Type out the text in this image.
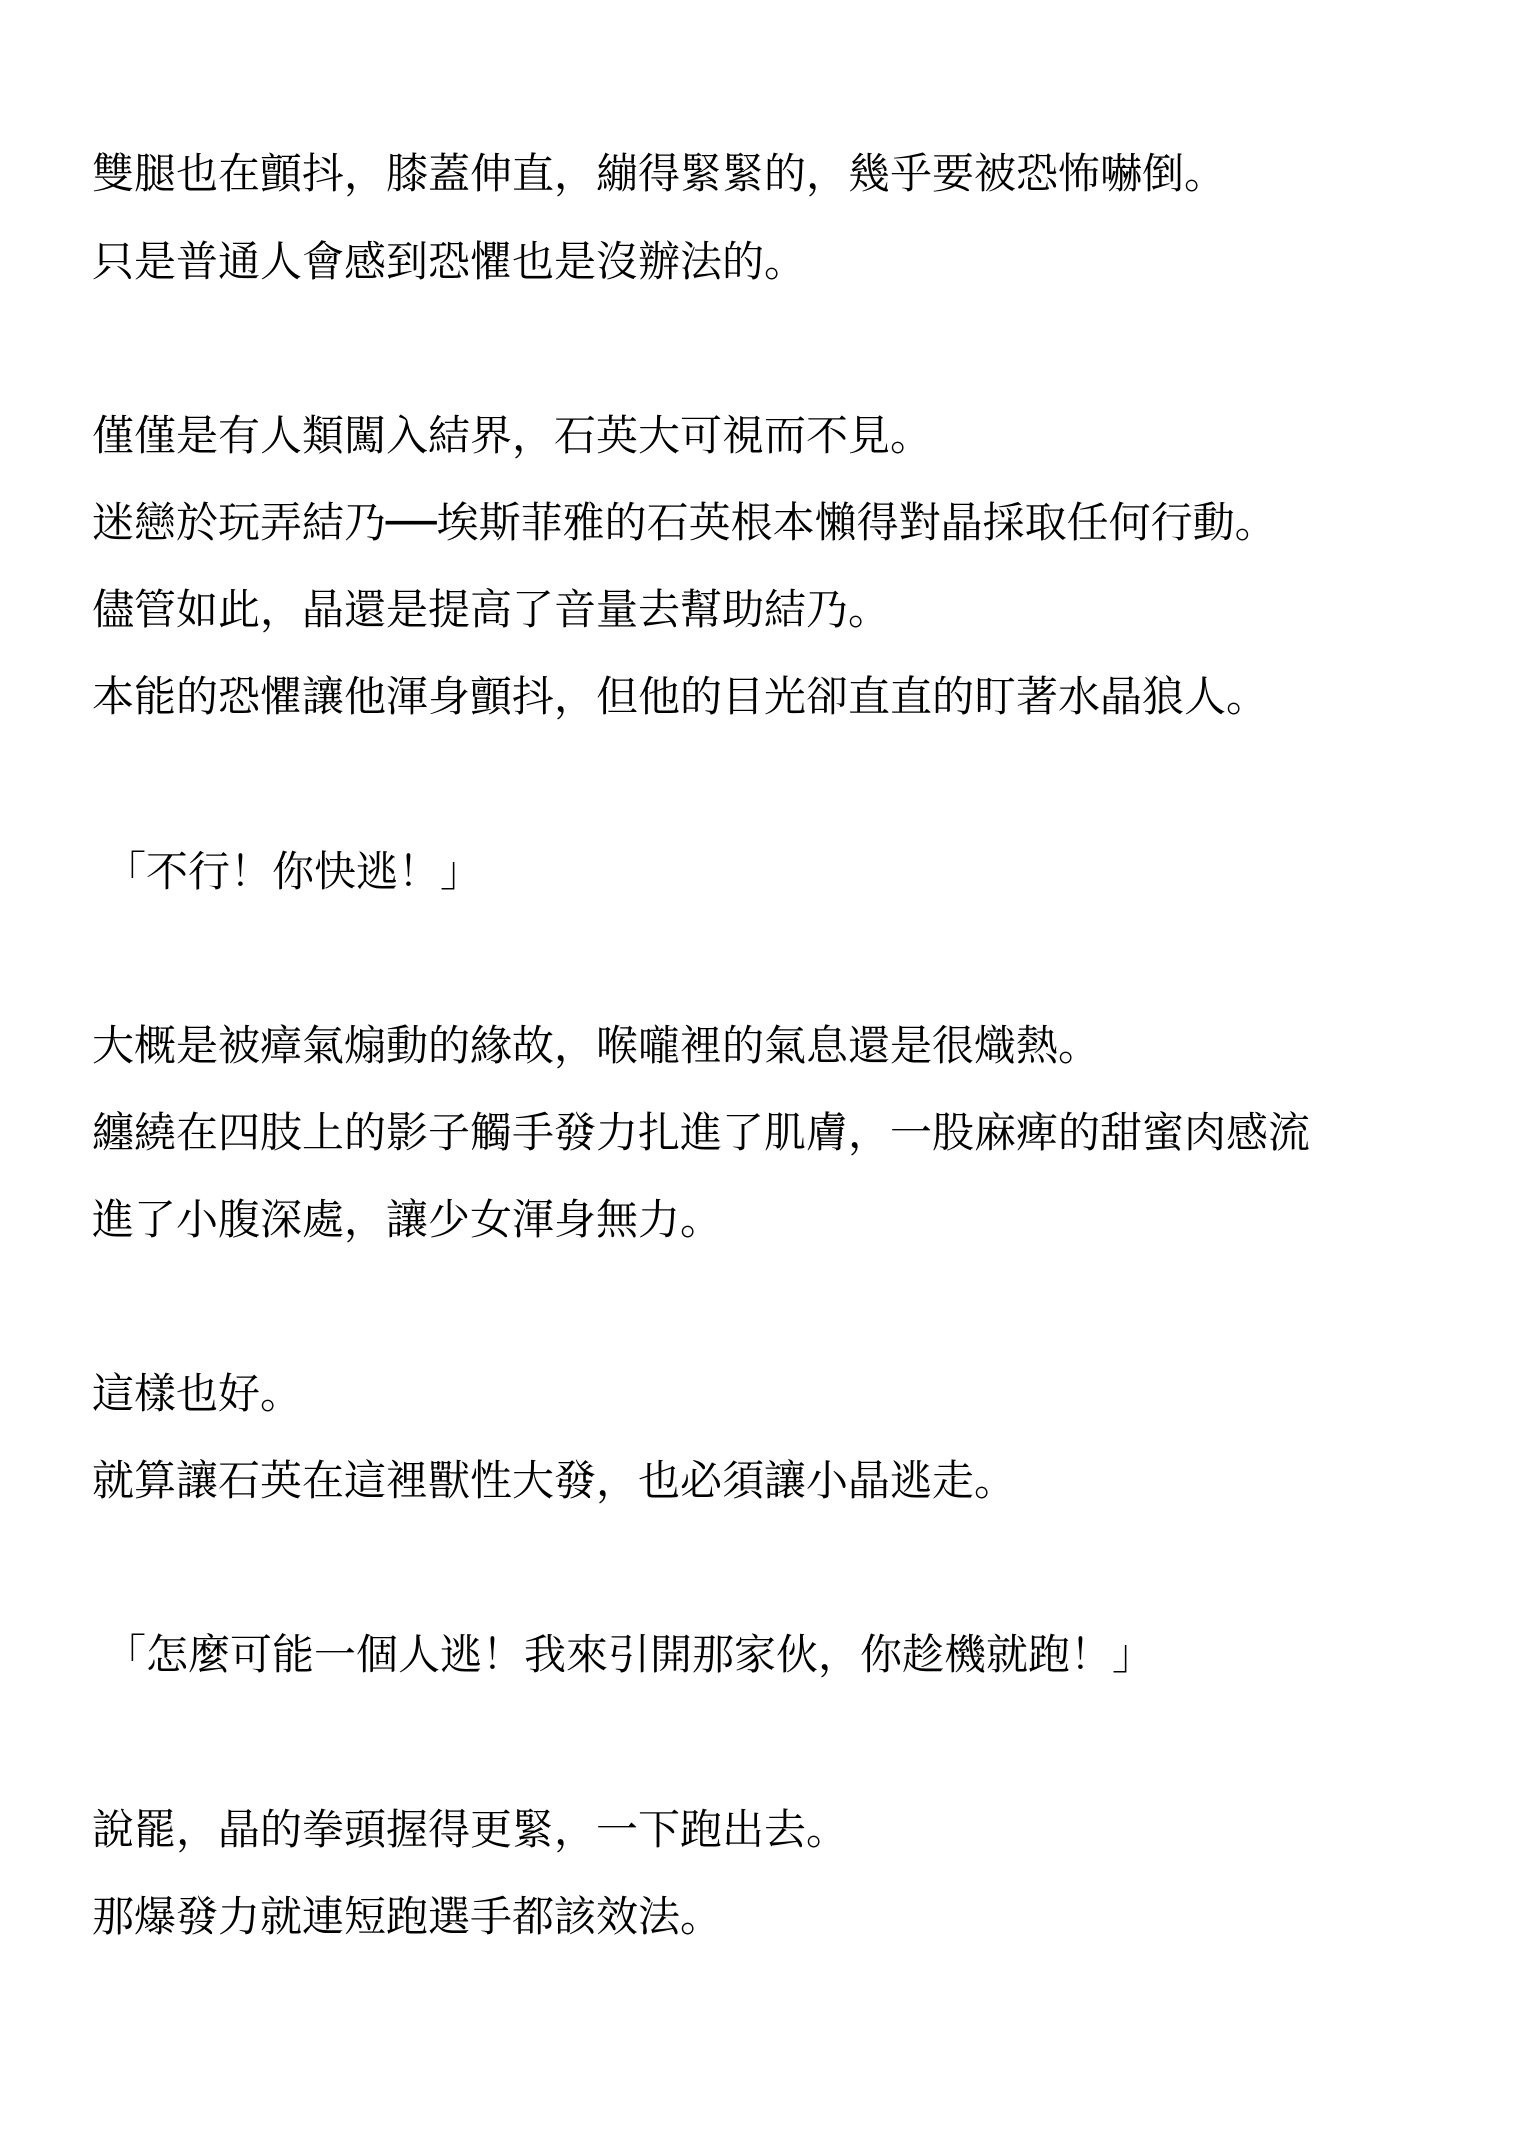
雙腿也在顫抖，膝蓋伸直，繃得緊緊的，幾乎要被恐怖嚇倒。
只是普通人會感到恐懼也是沒辦法的。
僅僅是有人類闖入結界，石英大可視而不見。
迷戀於玩弄結乃──埃斯菲雅的石英根本懶得對晶採取任何行動。
儘管如此，晶還是提高了音量去幫助結乃。
本能的恐懼讓他渾身顫抖，但他的目光卻直直的盯著水晶狼人。
「不行！你快逃！」
大概是被瘴氣煽動的緣故，喉嚨裡的氣息還是很熾熱。
纏繞在四肢上的影子觸手發力扎進了肌膚，一股麻痺的甜蜜肉感流
進了小腹深處，讓少女渾身無力。
這樣也好。
就算讓石英在這裡獸性大發，也必須讓小晶逃走。
「怎麼可能一個人逃！我來引開那家伙，你趁機就跑！」
說罷，晶的拳頭握得更緊，一下跑出去。
那爆發力就連短跑選手都該效法。
